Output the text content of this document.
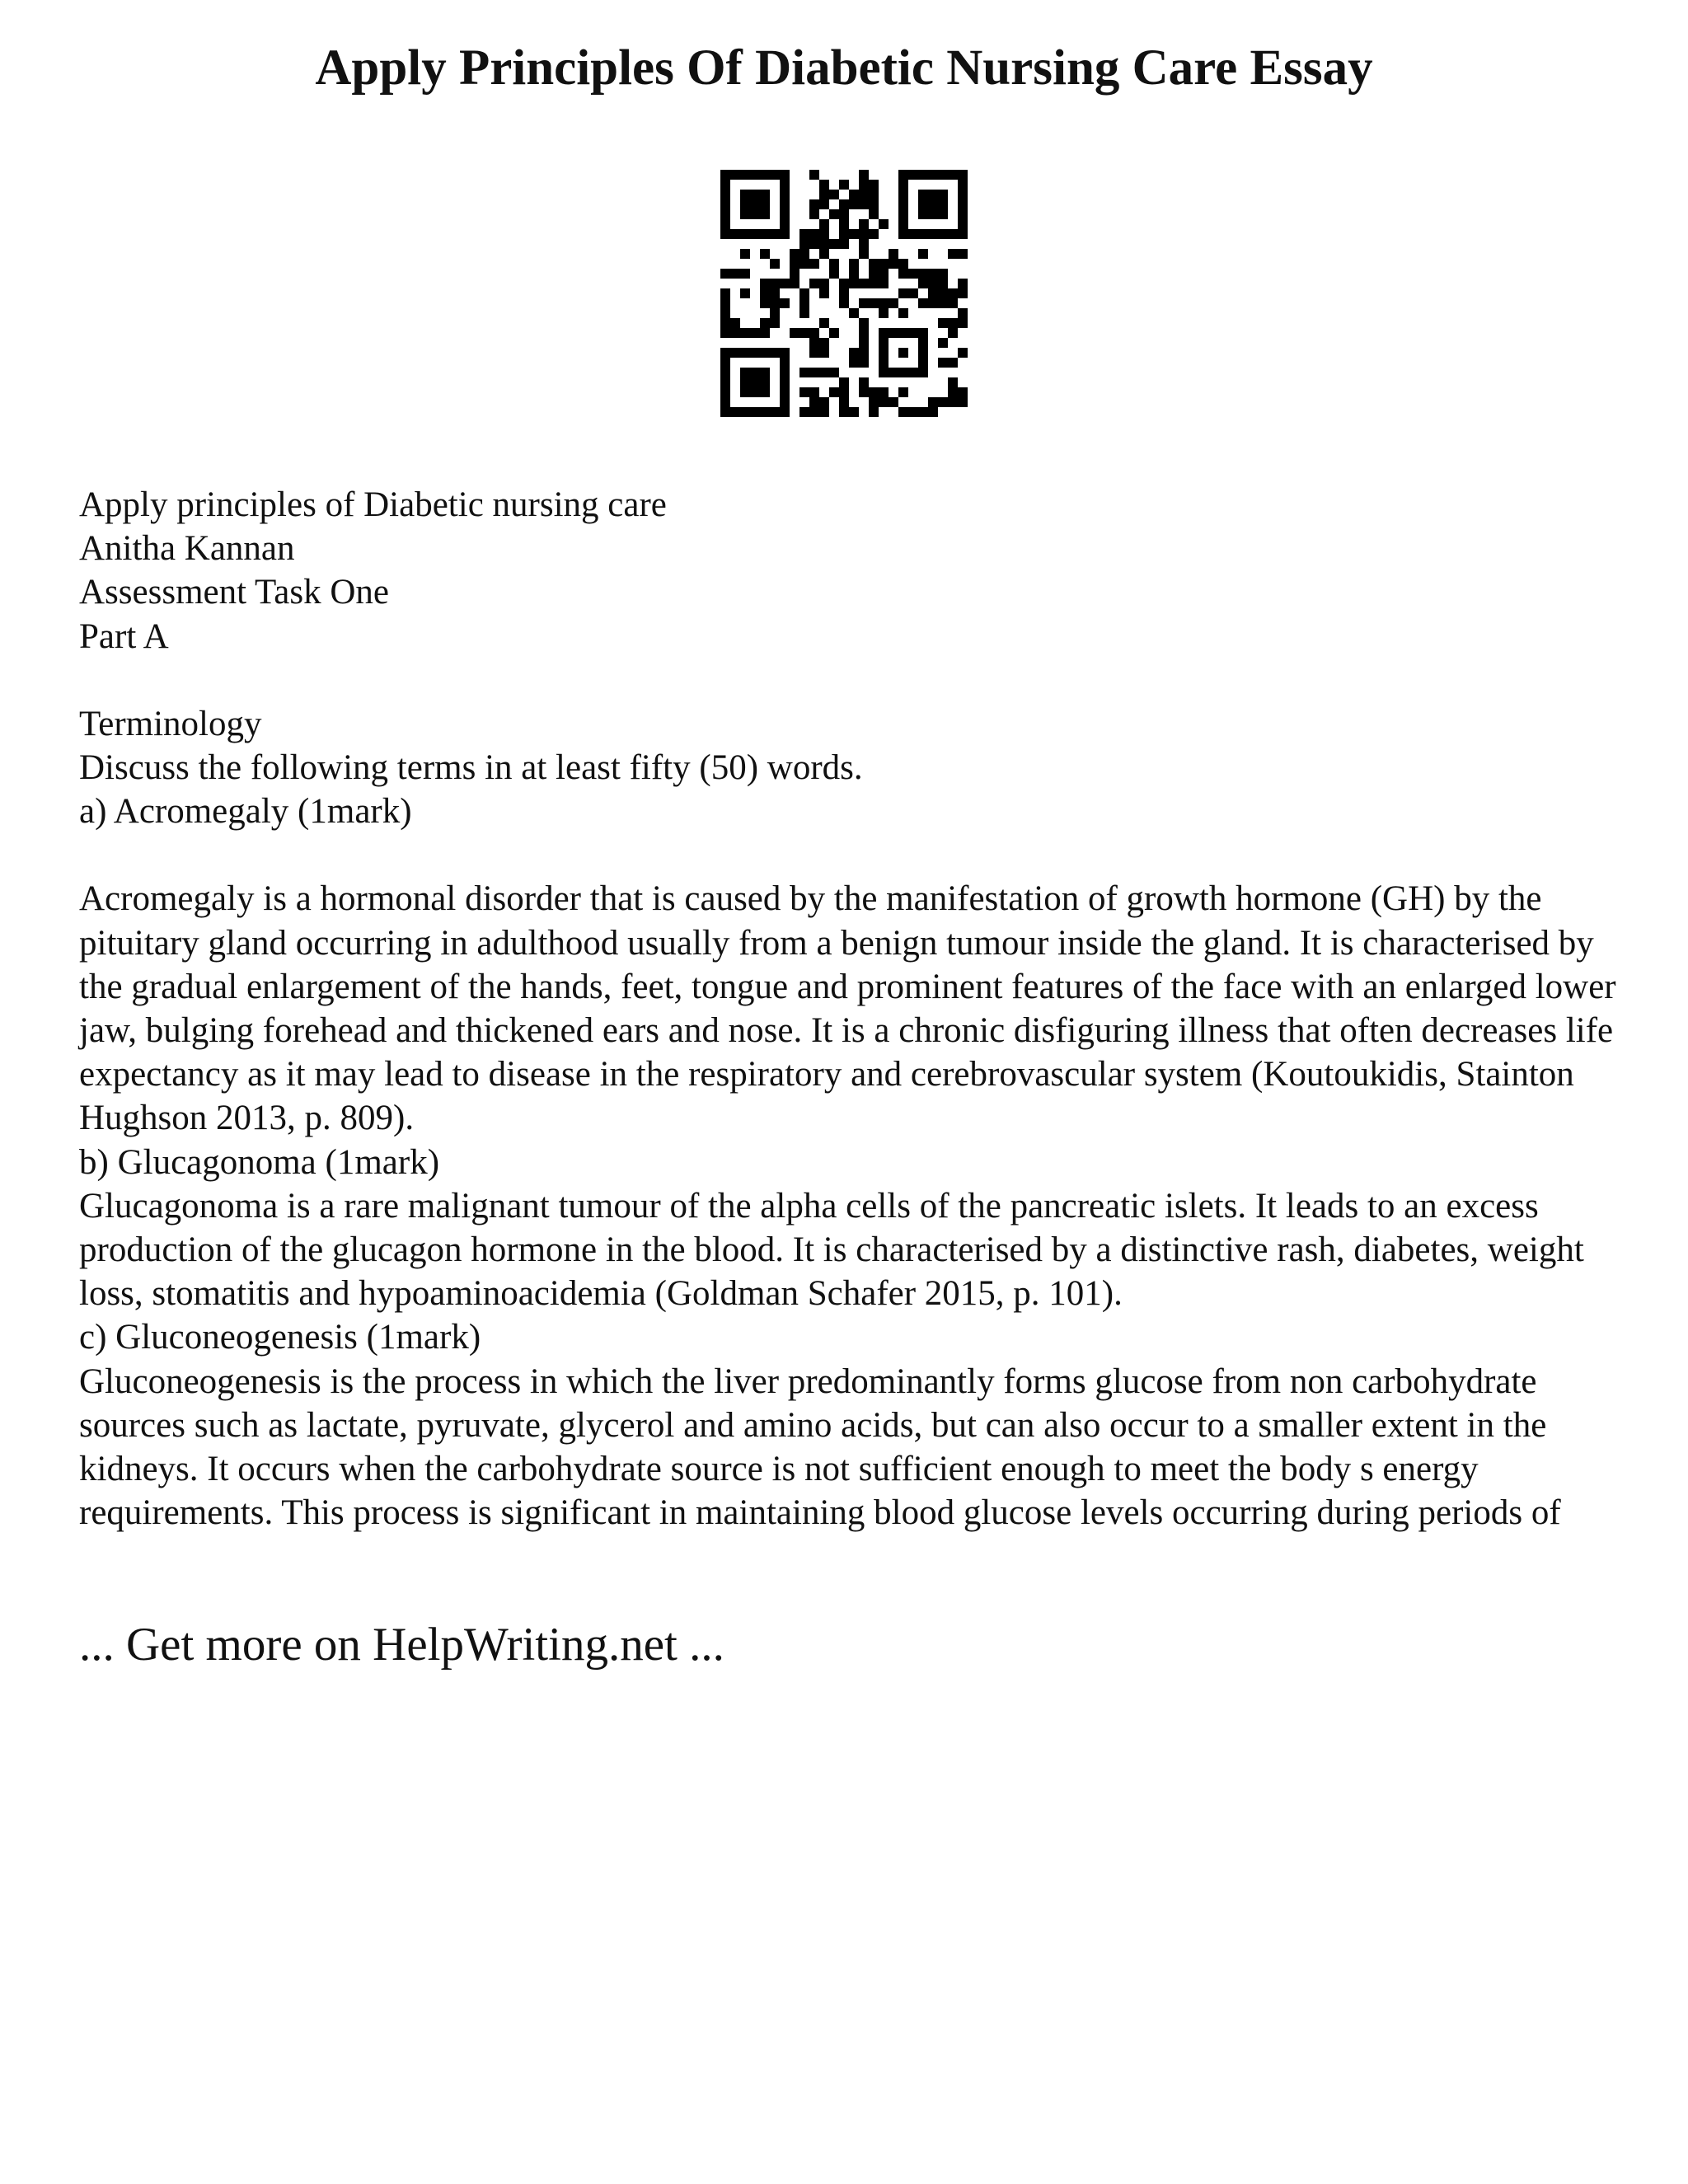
Apply Principles Of Diabetic Nursing Care Essay

Apply principles of Diabetic nursing care

Anitha Kannan

Assessment Task One

Part A

Terminology

Discuss the following terms in at least fifty (50) words.

a) Acromegaly (1mark)

Acromegaly is a hormonal disorder that is caused by the manifestation of growth hormone (GH) by the pituitary gland occurring in adulthood usually from a benign tumour inside the gland. It is characterised by the gradual enlargement of the hands, feet, tongue and prominent features of the face with an enlarged lower jaw, bulging forehead and thickened ears and nose. It is a chronic disfiguring illness that often decreases life expectancy as it may lead to disease in the respiratory and cerebrovascular system (Koutoukidis, Stainton Hughson 2013, p. 809).

b) Glucagonoma (1mark)

Glucagonoma is a rare malignant tumour of the alpha cells of the pancreatic islets. It leads to an excess production of the glucagon hormone in the blood. It is characterised by a distinctive rash, diabetes, weight loss, stomatitis and hypoaminoacidemia (Goldman Schafer 2015, p. 101).

c) Gluconeogenesis (1mark)

Gluconeogenesis is the process in which the liver predominantly forms glucose from non carbohydrate sources such as lactate, pyruvate, glycerol and amino acids, but can also occur to a smaller extent in the kidneys. It occurs when the carbohydrate source is not sufficient enough to meet the body s energy requirements. This process is significant in maintaining blood glucose levels occurring during periods of

... Get more on HelpWriting.net ...
